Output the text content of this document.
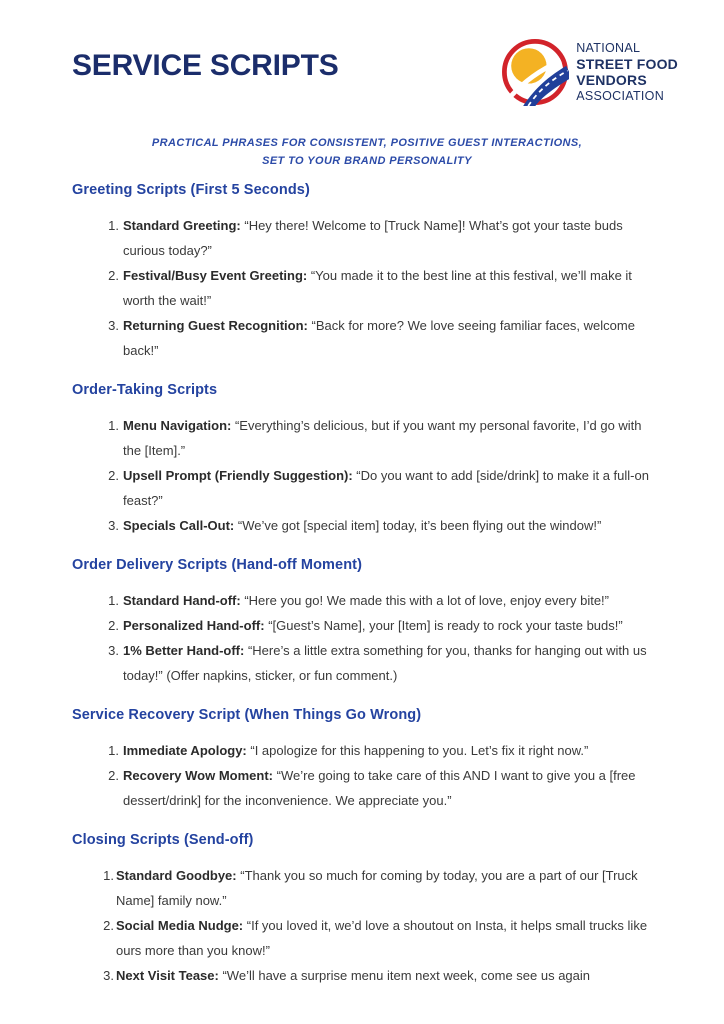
SERVICE SCRIPTS
NATIONAL
STREET FOOD
VENDORS
ASSOCIATION

PRACTICAL PHRASES FOR CONSISTENT, POSITIVE GUEST INTERACTIONS,
SET TO YOUR BRAND PERSONALITY

Greeting Scripts (First 5 Seconds)
1. Standard Greeting: “Hey there! Welcome to [Truck Name]! What’s got your taste buds curious today?”
2. Festival/Busy Event Greeting: “You made it to the best line at this festival, we’ll make it worth the wait!”
3. Returning Guest Recognition: “Back for more? We love seeing familiar faces, welcome back!”
Order-Taking Scripts
1. Menu Navigation: “Everything’s delicious, but if you want my personal favorite, I’d go with the [Item].”
2. Upsell Prompt (Friendly Suggestion): “Do you want to add [side/drink] to make it a full-on feast?”
3. Specials Call-Out: “We’ve got [special item] today, it’s been flying out the window!”
Order Delivery Scripts (Hand-off Moment)
1. Standard Hand-off: “Here you go! We made this with a lot of love, enjoy every bite!”
2. Personalized Hand-off: “[Guest’s Name], your [Item] is ready to rock your taste buds!”
3. 1% Better Hand-off: “Here’s a little extra something for you, thanks for hanging out with us today!” (Offer napkins, sticker, or fun comment.)
Service Recovery Script (When Things Go Wrong)
1. Immediate Apology: “I apologize for this happening to you. Let’s fix it right now.”
2. Recovery Wow Moment: “We’re going to take care of this AND I want to give you a [free dessert/drink] for the inconvenience. We appreciate you.”
Closing Scripts (Send-off)
1. Standard Goodbye: “Thank you so much for coming by today, you are a part of our [Truck Name] family now.”
2. Social Media Nudge: “If you loved it, we’d love a shoutout on Insta, it helps small trucks like ours more than you know!”
3. Next Visit Tease: “We’ll have a surprise menu item next week, come see us again
